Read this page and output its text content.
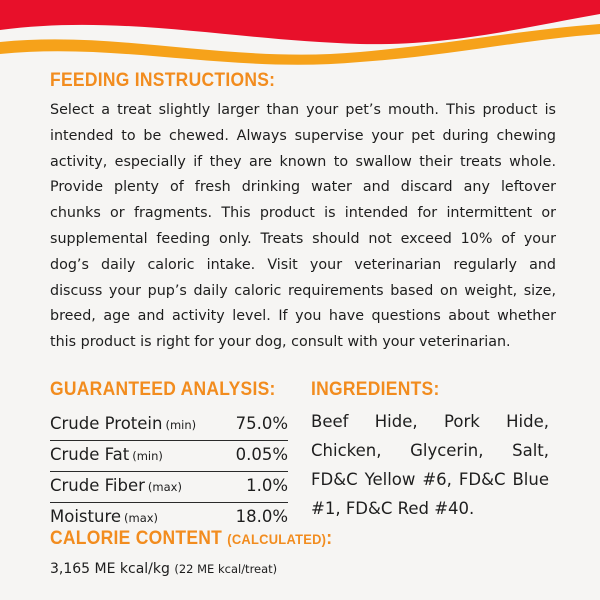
FEEDING INSTRUCTIONS:
Select a treat slightly larger than your pet’s mouth. This product is
intended to be chewed. Always supervise your pet during chewing
activity, especially if they are known to swallow their treats whole.
Provide plenty of fresh drinking water and discard any leftover
chunks or fragments. This product is intended for intermittent or
supplemental feeding only. Treats should not exceed 10% of your
dog’s daily caloric intake. Visit your veterinarian regularly and
discuss your pup’s daily caloric requirements based on weight, size,
breed, age and activity level. If you have questions about whether
this product is right for your dog, consult with your veterinarian.
GUARANTEED ANALYSIS:
Crude Protein (min) 75.0%
Crude Fat (min)	0.05%
Crude Fiber (max)	1.0%
Moisture (max)	18.0%
INGREDIENTS:
Beef Hide, Pork Hide,
Chicken, Glycerin, Salt,
FD&C Yellow #6, FD&C Blue
#1, FD&C Red #40.
CALORIE CONTENT (CALCULATED):
3,165 ME kcal/kg (22 ME kcal/treat)
